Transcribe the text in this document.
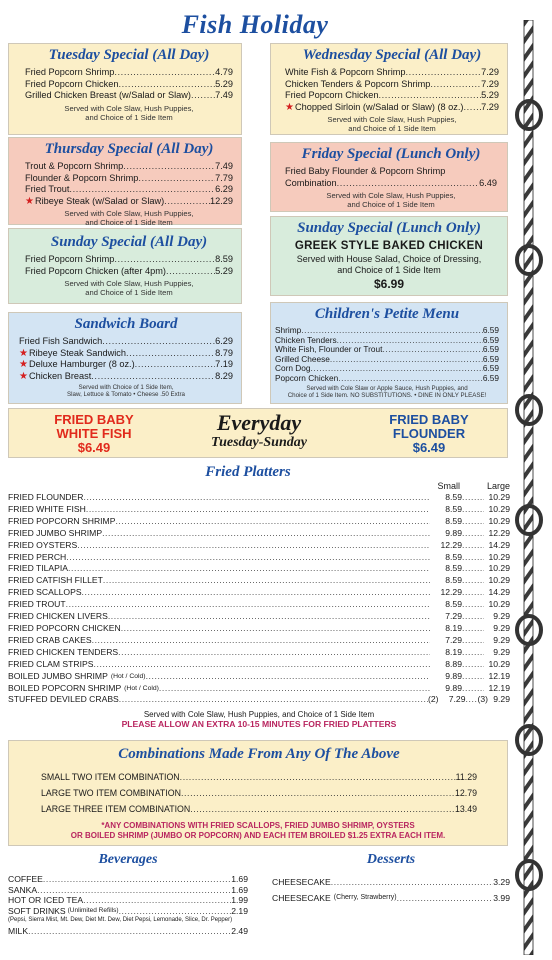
Fish Holiday
Tuesday Special (All Day)
Fried Popcorn Shrimp .....	4.79
Fried Popcorn Chicken .....	5.29
Grilled Chicken Breast (w/Salad or Slaw) .....	7.49
Served with Cole Slaw, Hush Puppies,
and Choice of 1 Side Item
Wednesday Special (All Day)
White Fish & Popcorn Shrimp .....	7.29
Chicken Tenders & Popcorn Shrimp .....	7.29
Fried Popcorn Chicken .....	5.29
★ Chopped Sirloin (w/Salad or Slaw) (8 oz.) ..... 7.29
Served with Cole Slaw, Hush Puppies,
and Choice of 1 Side Item
Thursday Special (All Day)
Trout & Popcorn Shrimp .....	7.49
Flounder & Popcorn Shrimp .....	7.79
Fried Trout .....	6.29
★ Ribeye Steak (w/Salad or Slaw) .....	12.29
Served with Cole Slaw, Hush Puppies,
and Choice of 1 Side Item
Friday Special (Lunch Only)
Fried Baby Flounder & Popcorn Shrimp
Combination .....	6.49
Served with Cole Slaw, Hush Puppies,
and Choice of 1 Side Item
Sunday Special (All Day)
Fried Popcorn Shrimp .....	8.59
Fried Popcorn Chicken (after 4pm) .....	5.29
Served with Cole Slaw, Hush Puppies,
and Choice of 1 Side Item
Sunday Special (Lunch Only)
GREEK STYLE BAKED CHICKEN
Served with House Salad, Choice of Dressing,
and Choice of 1 Side Item
$6.99
Sandwich Board
Fried Fish Sandwich .....	6.29
★ Ribeye Steak Sandwich .....	8.79
★ Deluxe Hamburger (8 oz.) .....	7.19
★ Chicken Breast .....	8.29
Served with Choice of 1 Side Item,
Slaw, Lettuce & Tomato • Cheese .50 Extra
Children's Petite Menu
Shrimp .....	6.59
Chicken Tenders .....	6.59
White Fish, Flounder or Trout .....	6.59
Grilled Cheese .....	6.59
Corn Dog .....	6.59
Popcorn Chicken .....	6.59
Served with Cole Slaw or Apple Sauce, Hush Puppies, and
Choice of 1 Side Item. NO SUBSTITUTIONS. • DINE IN ONLY PLEASE!
FRIED BABY
WHITE FISH
$6.49
Everyday
Tuesday-Sunday
FRIED BABY
FLOUNDER
$6.49
Fried Platters
Small	Large
FRIED FLOUNDER .....	8.59 .....	10.29
FRIED WHITE FISH .....	8.59 .....	10.29
FRIED POPCORN SHRIMP .....	8.59 .....	10.29
FRIED JUMBO SHRIMP .....	9.89 .....	12.29
FRIED OYSTERS .....	12.29 .....	14.29
FRIED PERCH .....	8.59 .....	10.29
FRIED TILAPIA .....	8.59 .....	10.29
FRIED CATFISH FILLET .....	8.59 .....	10.29
FRIED SCALLOPS .....	12.29 .....	14.29
FRIED TROUT .....	8.59 .....	10.29
FRIED CHICKEN LIVERS .....	7.29 .....	9.29
FRIED POPCORN CHICKEN .....	8.19 .....	9.29
FRIED CRAB CAKES .....	7.29 .....	9.29
FRIED CHICKEN TENDERS .....	8.19 .....	9.29
FRIED CLAM STRIPS .....	8.89 .....	10.29
BOILED JUMBO SHRIMP (Hot / Cold) .....	9.89 .....	12.19
BOILED POPCORN SHRIMP (Hot / Cold) .....	9.89 .....	12.19
STUFFED DEVILED CRABS .....	(2)	7.29 ..... (3) 9.29
Served with Cole Slaw, Hush Puppies, and Choice of 1 Side Item
PLEASE ALLOW AN EXTRA 10-15 MINUTES FOR FRIED PLATTERS
Combinations Made From Any Of The Above
SMALL TWO ITEM COMBINATION .....	11.29
LARGE TWO ITEM COMBINATION .....	12.79
LARGE THREE ITEM COMBINATION .....	13.49
*ANY COMBINATIONS WITH FRIED SCALLOPS, FRIED JUMBO SHRIMP, OYSTERS
OR BOILED SHRIMP (JUMBO OR POPCORN) AND EACH ITEM BROILED $1.25 EXTRA EACH ITEM.
Beverages
COFFEE .....	1.69
SANKA .....	1.69
HOT OR ICED TEA .....	1.99
SOFT DRINKS (Unlimited Refills) .....	2.19
(Pepsi, Sierra Mist, Mt. Dew, Diet Mt. Dew, Diet Pepsi, Lemonade, Slice, Dr. Pepper)
MILK .....	2.49
Desserts
CHEESECAKE .....	3.29
CHEESECAKE (Cherry, Strawberry) .....	3.99
